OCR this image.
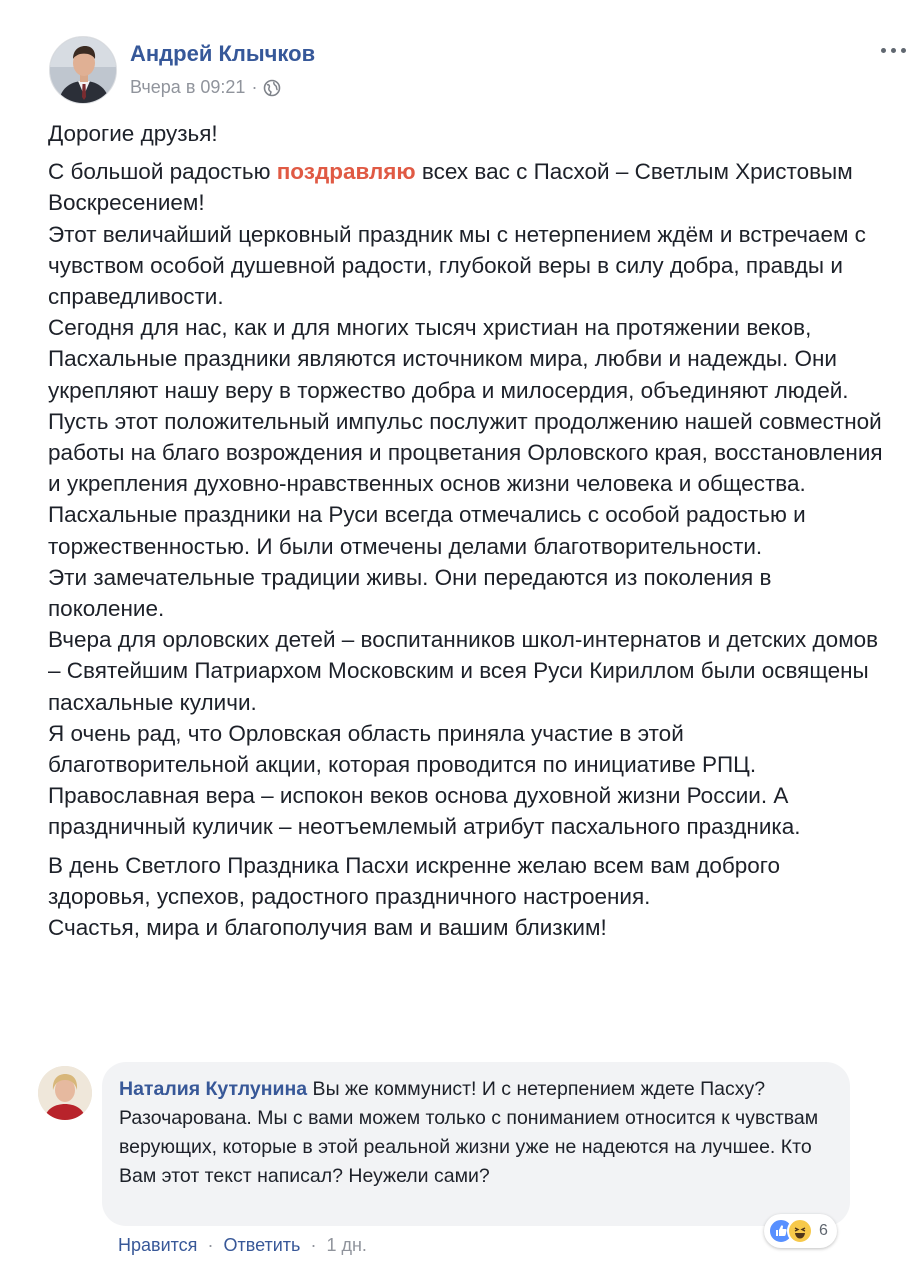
Андрей Клычков
Вчера в 09:21 ·

Дорогие друзья!

С большой радостью поздравляю всех вас с Пасхой – Светлым Христовым Воскресением!
Этот величайший церковный праздник мы с нетерпением ждём и встречаем с чувством особой душевной радости, глубокой веры в силу добра, правды и справедливости.
Сегодня для нас, как и для многих тысяч христиан на протяжении веков, Пасхальные праздники являются источником мира, любви и надежды. Они укрепляют нашу веру в торжество добра и милосердия, объединяют людей.
Пусть этот положительный импульс послужит продолжению нашей совместной работы на благо возрождения и процветания Орловского края, восстановления и укрепления духовно-нравственных основ жизни человека и общества.
Пасхальные праздники на Руси всегда отмечались с особой радостью и торжественностью. И были отмечены делами благотворительности.
Эти замечательные традиции живы. Они передаются из поколения в поколение.
Вчера для орловских детей – воспитанников школ-интернатов и детских домов – Святейшим Патриархом Московским и всея Руси Кириллом были освящены пасхальные куличи.
Я очень рад, что Орловская область приняла участие в этой благотворительной акции, которая проводится по инициативе РПЦ.
Православная вера – испокон веков основа духовной жизни России. А праздничный куличик – неотъемлемый атрибут пасхального праздника.
В день Светлого Праздника Пасхи искренне желаю всем вам доброго здоровья, успехов, радостного праздничного настроения.
Счастья, мира и благополучия вам и вашим близким!
Наталия Кутлунина Вы же коммунист! И с нетерпением ждете Пасху? Разочарована. Мы с вами можем только с пониманием относится к чувствам верующих, которые в этой реальной жизни уже не надеются на лучшее. Кто Вам этот текст написал? Неужели сами?
6
Нравится · Ответить · 1 дн.
